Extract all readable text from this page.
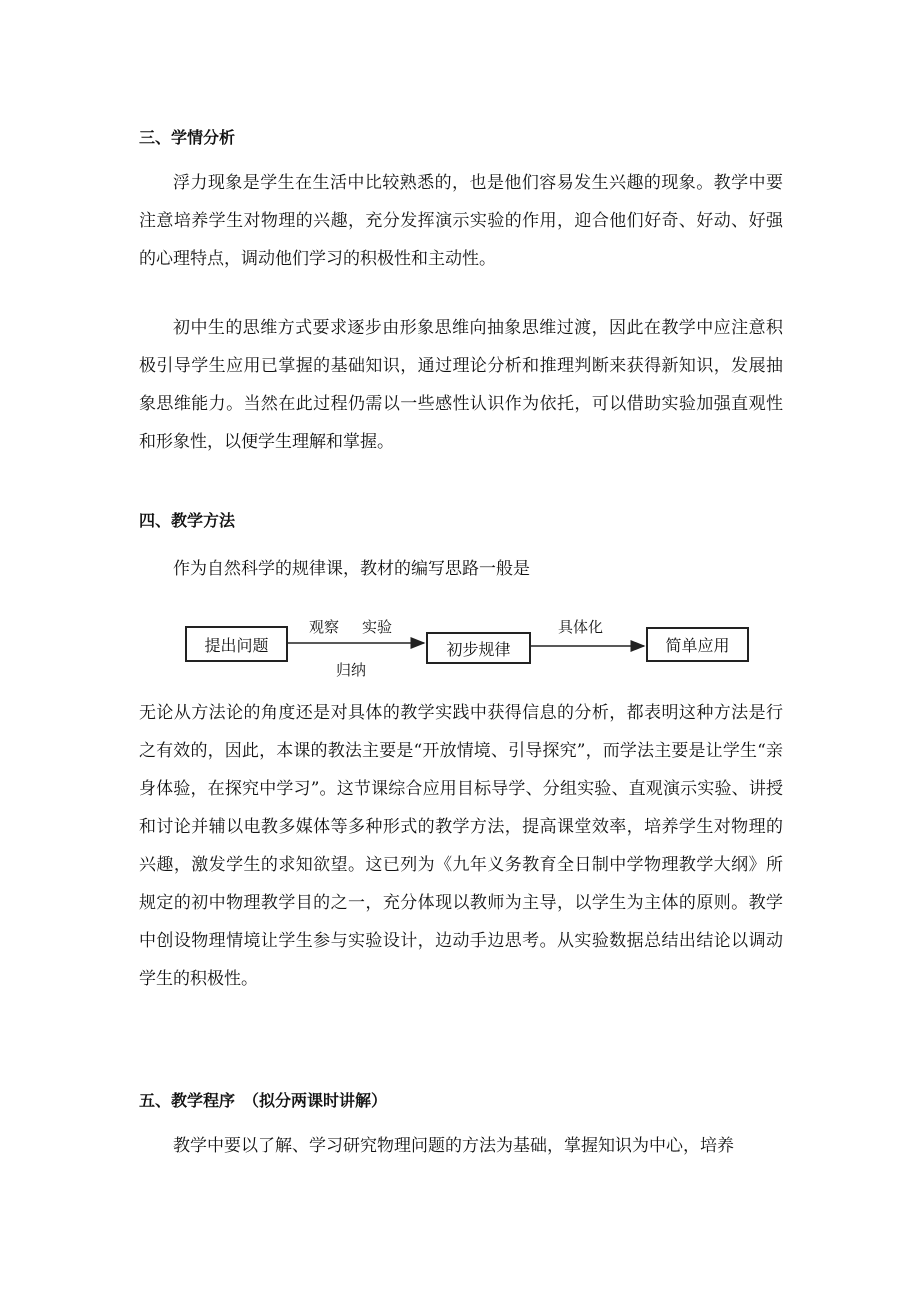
三、学情分析

浮力现象是学生在生活中比较熟悉的，也是他们容易发生兴趣的现象。教学中要注意培养学生对物理的兴趣，充分发挥演示实验的作用，迎合他们好奇、好动、好强的心理特点，调动他们学习的积极性和主动性。

初中生的思维方式要求逐步由形象思维向抽象思维过渡，因此在教学中应注意积极引导学生应用已掌握的基础知识，通过理论分析和推理判断来获得新知识，发展抽象思维能力。当然在此过程仍需以一些感性认识作为依托，可以借助实验加强直观性和形象性，以便学生理解和掌握。

四、教学方法
作为自然科学的规律课，教材的编写思路一般是
提出问题	初步规律	简单应用
观察 实验
归纳
具体化

无论从方法论的角度还是对具体的教学实践中获得信息的分析，都表明这种方法是行之有效的，因此，本课的教法主要是“开放情境、引导探究”，而学法主要是让学生“亲身体验，在探究中学习”。这节课综合应用目标导学、分组实验、直观演示实验、讲授和讨论并辅以电教多媒体等多种形式的教学方法，提高课堂效率，培养学生对物理的兴趣，激发学生的求知欲望。这已列为《九年义务教育全日制中学物理教学大纲》所规定的初中物理教学目的之一，充分体现以教师为主导，以学生为主体的原则。教学中创设物理情境让学生参与实验设计，边动手边思考。从实验数据总结出结论以调动学生的积极性。

五、教学程序　（拟分两课时讲解）

教学中要以了解、学习研究物理问题的方法为基础，掌握知识为中心，培养
